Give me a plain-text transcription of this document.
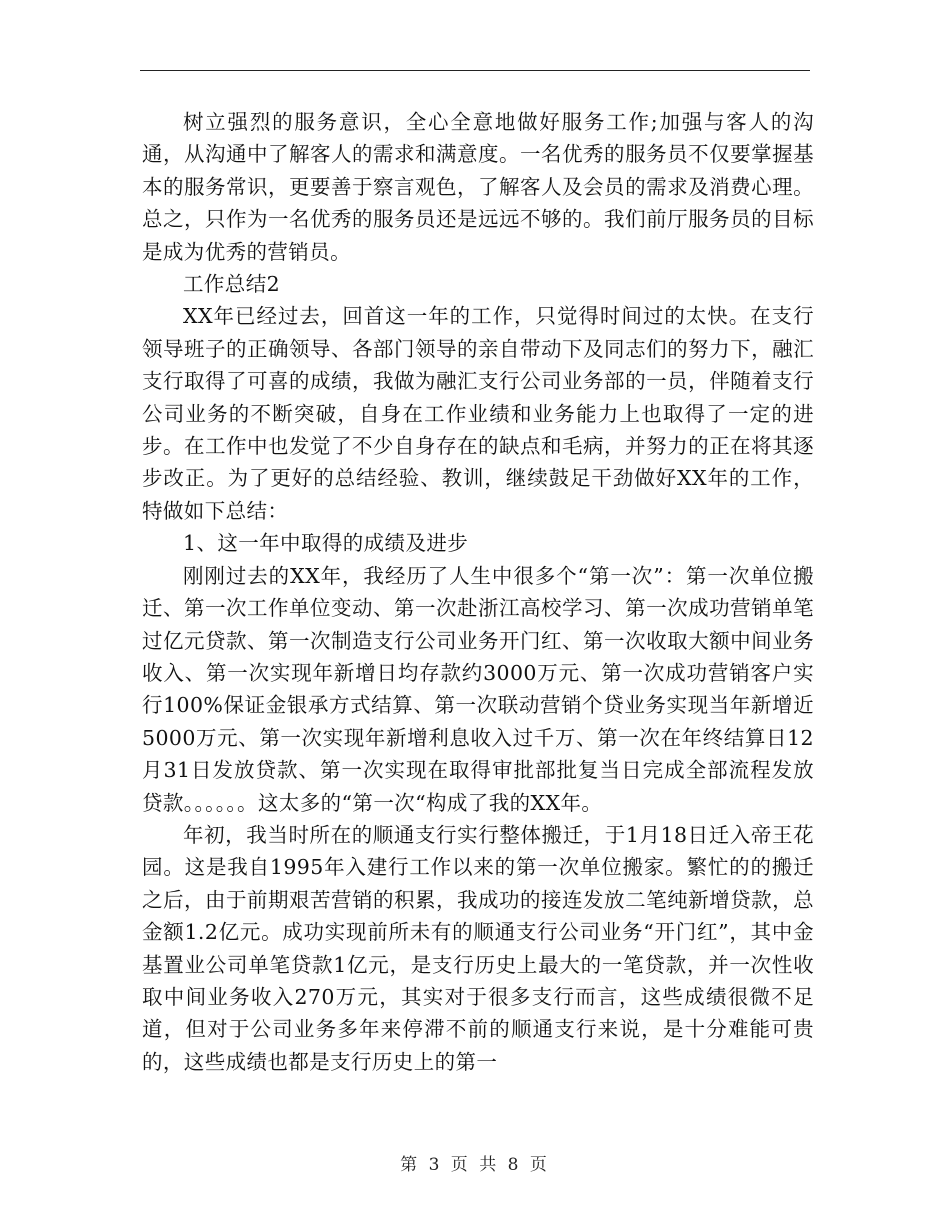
树立强烈的服务意识，全心全意地做好服务工作;加强与客人的沟通，从沟通中了解客人的需求和满意度。一名优秀的服务员不仅要掌握基本的服务常识，更要善于察言观色，了解客人及会员的需求及消费心理。总之，只作为一名优秀的服务员还是远远不够的。我们前厅服务员的目标是成为优秀的营销员。

工作总结2

XX年已经过去，回首这一年的工作，只觉得时间过的太快。在支行领导班子的正确领导、各部门领导的亲自带动下及同志们的努力下，融汇支行取得了可喜的成绩，我做为融汇支行公司业务部的一员，伴随着支行公司业务的不断突破，自身在工作业绩和业务能力上也取得了一定的进步。在工作中也发觉了不少自身存在的缺点和毛病，并努力的正在将其逐步改正。为了更好的总结经验、教训，继续鼓足干劲做好XX年的工作，特做如下总结：

1、这一年中取得的成绩及进步

刚刚过去的XX年，我经历了人生中很多个“第一次”：第一次单位搬迁、第一次工作单位变动、第一次赴浙江高校学习、第一次成功营销单笔过亿元贷款、第一次制造支行公司业务开门红、第一次收取大额中间业务收入、第一次实现年新增日均存款约3000万元、第一次成功营销客户实行100%保证金银承方式结算、第一次联动营销个贷业务实现当年新增近5000万元、第一次实现年新增利息收入过千万、第一次在年终结算日12月31日发放贷款、第一次实现在取得审批部批复当日完成全部流程发放贷款。。。。。。这太多的“第一次“构成了我的XX年。

年初，我当时所在的顺通支行实行整体搬迁，于1月18日迁入帝王花园。这是我自1995年入建行工作以来的第一次单位搬家。繁忙的的搬迁之后，由于前期艰苦营销的积累，我成功的接连发放二笔纯新增贷款，总金额1.2亿元。成功实现前所未有的顺通支行公司业务“开门红”，其中金基置业公司单笔贷款1亿元，是支行历史上最大的一笔贷款，并一次性收取中间业务收入270万元，其实对于很多支行而言，这些成绩很微不足道，但对于公司业务多年来停滞不前的顺通支行来说，是十分难能可贵的，这些成绩也都是支行历史上的第一

第 3 页 共 8 页
